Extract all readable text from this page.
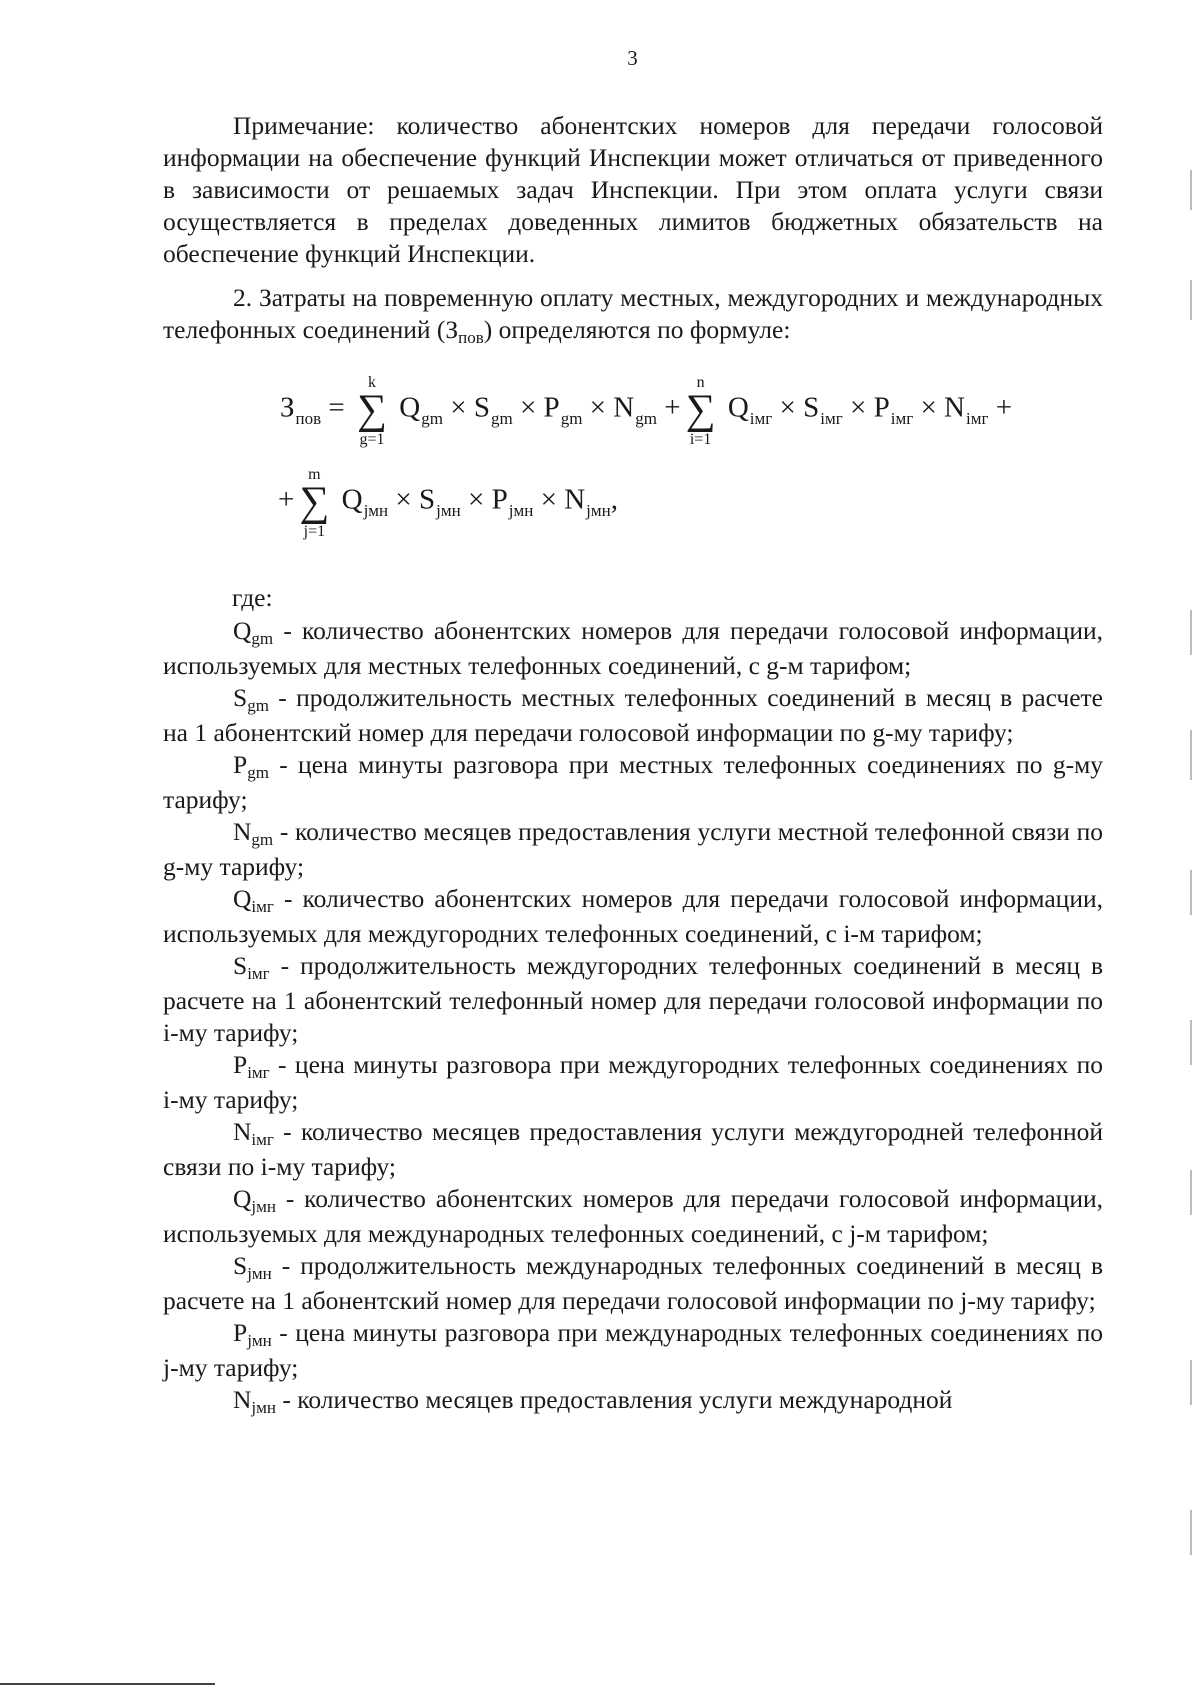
3

Примечание: количество абонентских номеров для передачи голосовой информации на обеспечение функций Инспекции может отличаться от приведенного в зависимости от решаемых задач Инспекции. При этом оплата услуги связи осуществляется в пределах доведенных лимитов бюджетных обязательств на обеспечение функций Инспекции.

2. Затраты на повременную оплату местных, междугородних и международных телефонных соединений (Зпов) определяются по формуле:

$З_{пов}$ =
k
∑
g=1
$Q_{gm} \times S_{gm} \times P_{gm} \times N_{gm}$ +
n
∑
i=1
$Q_{iмг} \times S_{iмг} \times P_{iмг} \times N_{iмг}$ +
+
m
∑
j=1
$Q_{jмн} \times S_{jмн} \times P_{jмн} \times N_{jмн}$,
где:

Qgm - количество абонентских номеров для передачи голосовой информации, используемых для местных телефонных соединений, с g-м тарифом;

Sgm - продолжительность местных телефонных соединений в месяц в расчете на 1 абонентский номер для передачи голосовой информации по g-му тарифу;

Pgm - цена минуты разговора при местных телефонных соединениях по g-му тарифу;

Ngm - количество месяцев предоставления услуги местной телефонной связи по g-му тарифу;

Qiмг - количество абонентских номеров для передачи голосовой информации, используемых для междугородних телефонных соединений, с i-м тарифом;

Siмг - продолжительность междугородних телефонных соединений в месяц в расчете на 1 абонентский телефонный номер для передачи голосовой информации по i-му тарифу;

Piмг - цена минуты разговора при междугородних телефонных соединениях по i-му тарифу;

Niмг - количество месяцев предоставления услуги междугородней телефонной связи по i-му тарифу;

Qjмн - количество абонентских номеров для передачи голосовой информации, используемых для международных телефонных соединений, с j-м тарифом;

Sjмн - продолжительность международных телефонных соединений в месяц в расчете на 1 абонентский номер для передачи голосовой информации по j-му тарифу;

Pjмн - цена минуты разговора при международных телефонных соединениях по j-му тарифу;

Njмн - количество месяцев предоставления услуги международной
